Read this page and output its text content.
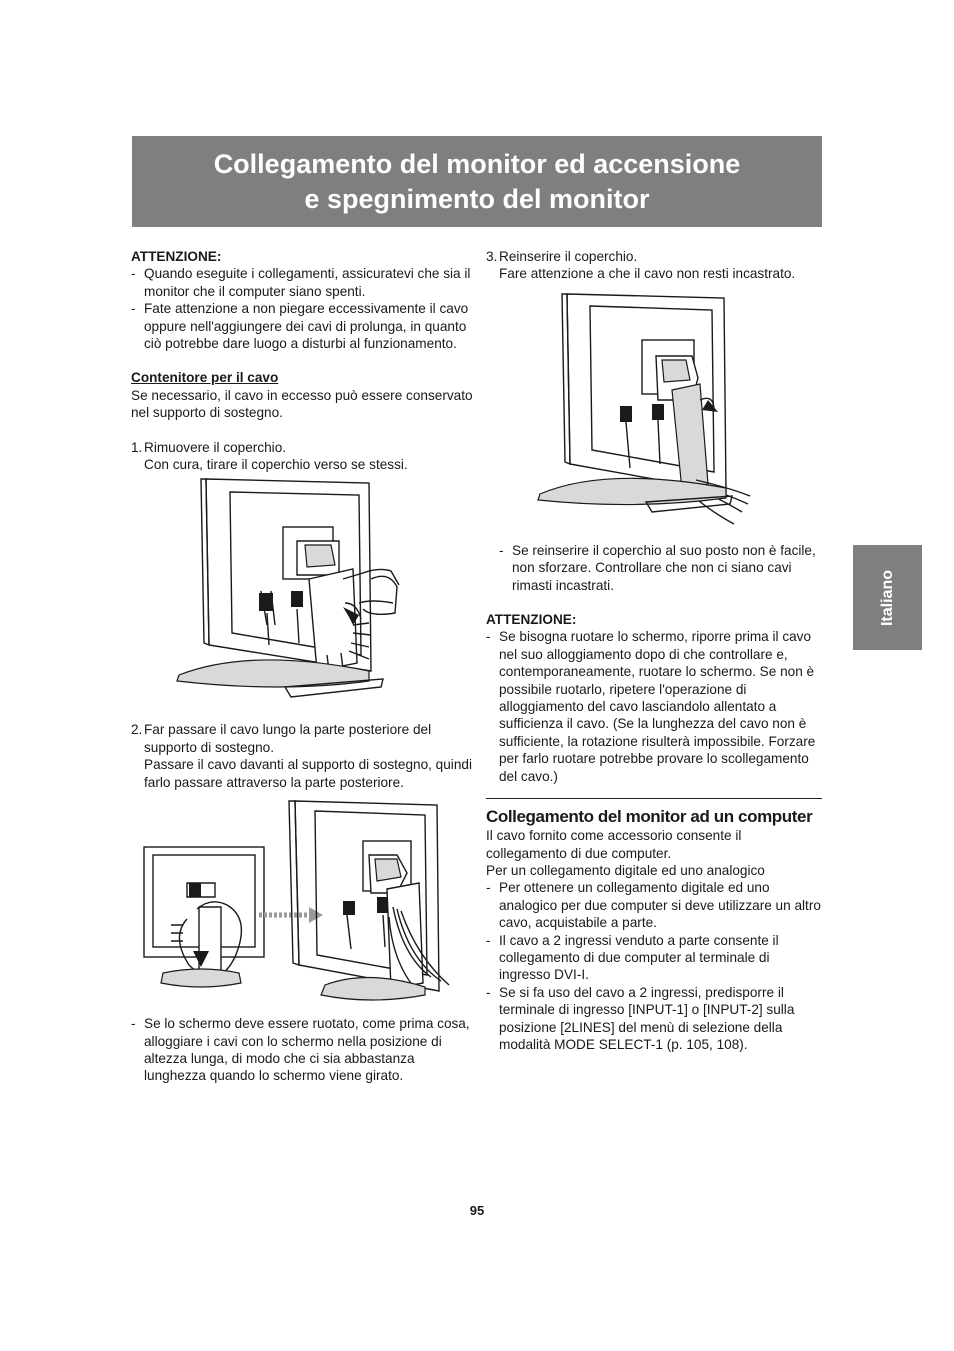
Collegamento del monitor ed accensione
e spegnimento del monitor
Italiano

ATTENZIONE:

- Quando eseguite i collegamenti, assicuratevi che sia il monitor che il computer siano spenti.

- Fate attenzione a non piegare eccessivamente il cavo oppure nell'aggiungere dei cavi di prolunga, in quanto ciò potrebbe dare luogo a disturbi al funzionamento.

Contenitore per il cavo

Se necessario, il cavo in eccesso può essere conservato nel supporto di sostegno.

1. Rimuovere il coperchio.

Con cura, tirare il coperchio verso se stessi.

2. Far passare il cavo lungo la parte posteriore del supporto di sostegno.

Passare il cavo davanti al supporto di sostegno, quindi farlo passare attraverso la parte posteriore.

- Se lo schermo deve essere ruotato, come prima cosa, alloggiare i cavi con lo schermo nella posizione di altezza lunga, di modo che ci sia abbastanza lunghezza quando lo schermo viene girato.

3. Reinserire il coperchio.

Fare attenzione a che il cavo non resti incastrato.

- Se reinserire il coperchio al suo posto non è facile, non sforzare. Controllare che non ci siano cavi rimasti incastrati.

ATTENZIONE:

- Se bisogna ruotare lo schermo, riporre prima il cavo nel suo alloggiamento dopo di che controllare e, contemporaneamente, ruotare lo schermo. Se non è possibile ruotarlo, ripetere l'operazione di alloggiamento del cavo lasciandolo allentato a sufficienza il cavo. (Se la lunghezza del cavo non è sufficiente, la rotazione risulterà impossibile. Forzare per farlo ruotare potrebbe provare lo scollegamento del cavo.)

Collegamento del monitor ad un computer

Il cavo fornito come accessorio consente il collegamento di due computer.

Per un collegamento digitale ed uno analogico

- Per ottenere un collegamento digitale ed uno analogico per due computer si deve utilizzare un altro cavo, acquistabile a parte.

- Il cavo a 2 ingressi venduto a parte consente il collegamento di due computer al terminale di ingresso DVI-I.

- Se si fa uso del cavo a 2 ingressi, predisporre il terminale di ingresso [INPUT-1] o [INPUT-2] sulla posizione [2LINES] del menù di selezione della modalità MODE SELECT-1 (p. 105, 108).

95
